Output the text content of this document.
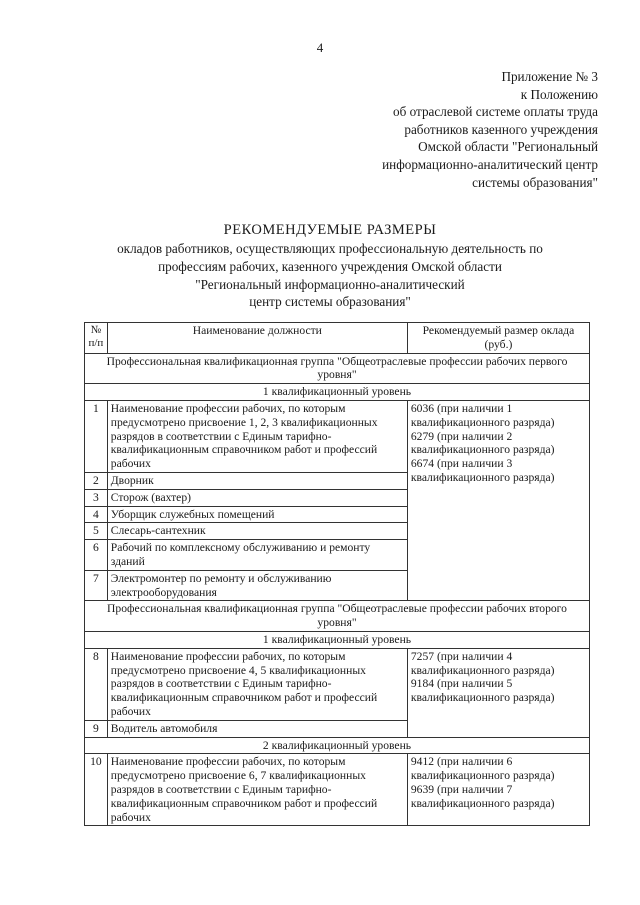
4
Приложение № 3
к Положению
об отраслевой системе оплаты труда
работников казенного учреждения
Омской области "Региональный
информационно-аналитический центр
системы образования"
РЕКОМЕНДУЕМЫЕ РАЗМЕРЫ
окладов работников, осуществляющих профессиональную деятельность по
профессиям рабочих, казенного учреждения Омской области
"Региональный информационно-аналитический
центр системы образования"
№ п/п	Наименование должности	Рекомендуемый размер оклада (руб.)
Профессиональная квалификационная группа "Общеотраслевые профессии рабочих первого уровня"		
1 квалификационный уровень		
1	Наименование профессии рабочих, по которым предусмотрено присвоение 1, 2, 3 квалификационных разрядов в соответствии с Единым тарифно-квалификационным справочником работ и профессий рабочих	6036 (при наличии 1 квалификационного разряда)
6279 (при наличии 2 квалификационного разряда)
6674 (при наличии 3 квалификационного разряда)

2	Дворник	
3	Сторож (вахтер)	
4	Уборщик служебных помещений	
5	Слесарь-сантехник	
6	Рабочий по комплексному обслуживанию и ремонту зданий	
7	Электромонтер по ремонту и обслуживанию электрооборудования	
Профессиональная квалификационная группа "Общеотраслевые профессии рабочих второго уровня"		
1 квалификационный уровень		
8	Наименование профессии рабочих, по которым предусмотрено присвоение 4, 5 квалификационных разрядов в соответствии с Единым тарифно-квалификационным справочником работ и профессий рабочих	7257 (при наличии 4 квалификационного разряда)
9184 (при наличии 5 квалификационного разряда)

9	Водитель автомобиля	
2 квалификационный уровень		
10	Наименование профессии рабочих, по которым предусмотрено присвоение 6, 7 квалификационных разрядов в соответствии с Единым тарифно-квалификационным справочником работ и профессий рабочих	9412 (при наличии 6 квалификационного разряда)
9639 (при наличии 7 квалификационного разряда)
